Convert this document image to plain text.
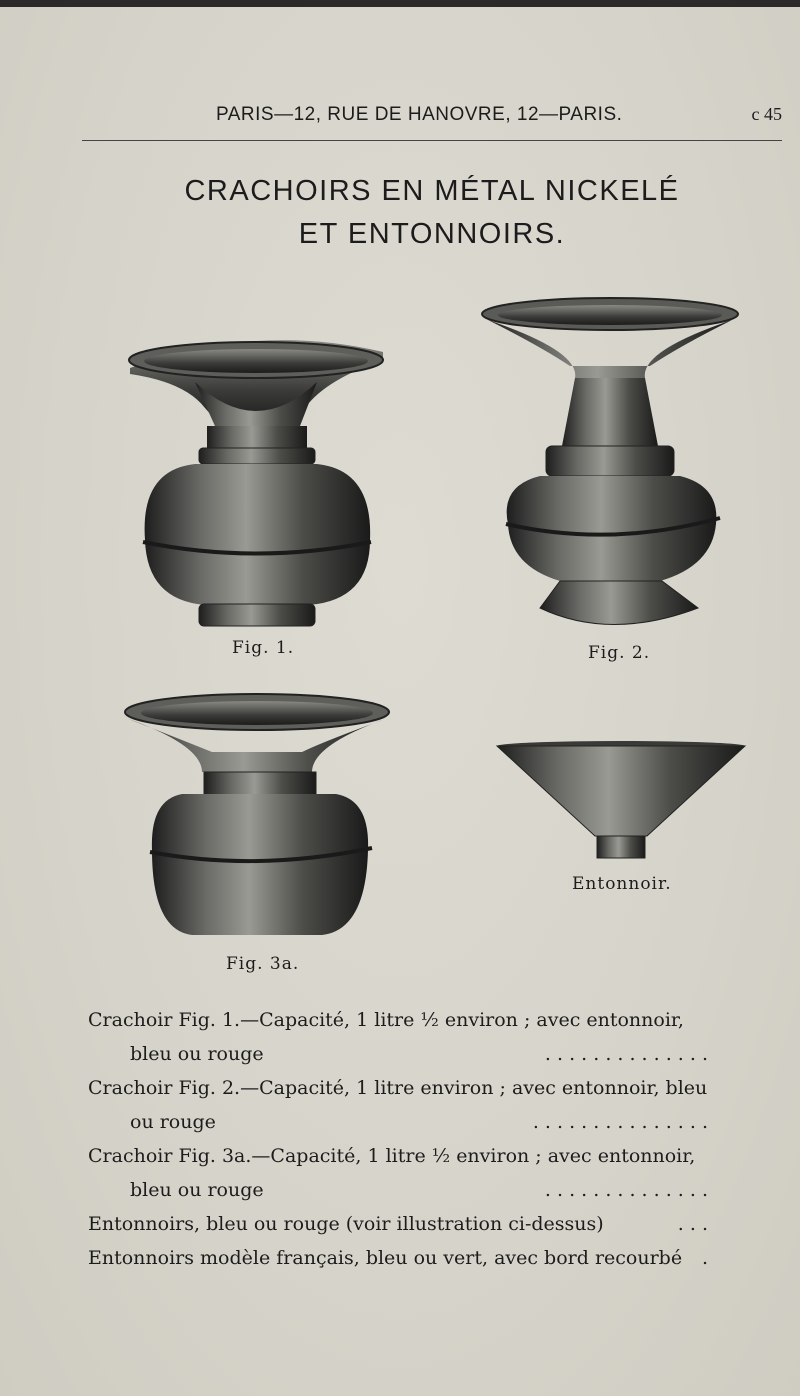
PARIS—12, RUE DE HANOVRE, 12—PARIS.	c 45
CRACHOIRS EN MÉTAL NICKELÉ
ET ENTONNOIRS.
Fig. 1.	Fig. 2.
Fig. 3a.
Entonnoir.
Crachoir Fig. 1.—Capacité, 1 litre ½ environ ; avec entonnoir,
bleu ou rouge	. . . . . . . . . . . . . .
Crachoir Fig. 2.—Capacité, 1 litre environ ; avec entonnoir, bleu
ou rouge	. . . . . . . . . . . . . . .
Crachoir Fig. 3a.—Capacité, 1 litre ½ environ ; avec entonnoir,
bleu ou rouge	. . . . . . . . . . . . . .
Entonnoirs, bleu ou rouge (voir illustration ci-dessus)	. . .
Entonnoirs modèle français, bleu ou vert, avec bord recourbé .
